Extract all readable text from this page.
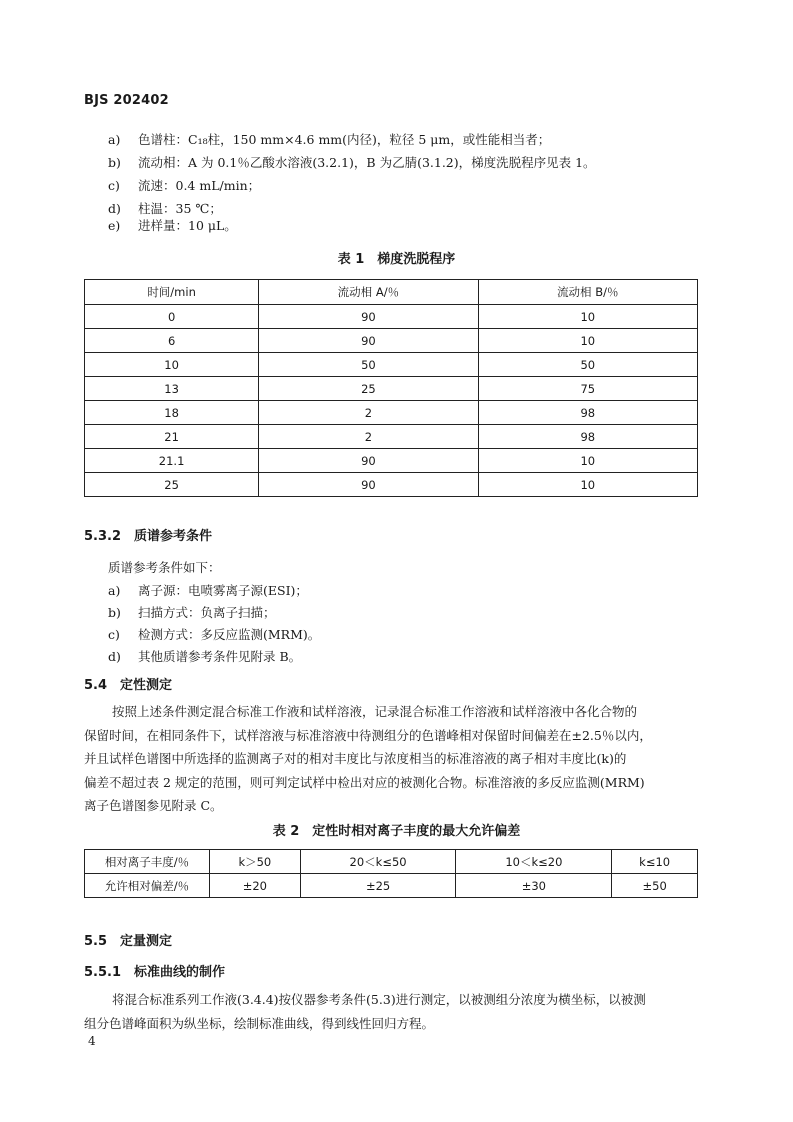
BJS 202402
a) 色谱柱：C₁₈柱，150 mm×4.6 mm(内径)，粒径 5 μm，或性能相当者；
b) 流动相：A 为 0.1％乙酸水溶液(3.2.1)，B 为乙腈(3.1.2)，梯度洗脱程序见表 1。
c) 流速：0.4 mL/min；
d) 柱温：35 ℃；
e) 进样量：10 μL。
表 1　梯度洗脱程序
时间/min	流动相 A/％	流动相 B/％
0	90	10
6	90	10
10	50	50
13	25	75
18	2	98
21	2	98
21.1	90	10
25	90	10
5.3.2　质谱参考条件
质谱参考条件如下：
a) 离子源：电喷雾离子源(ESI)；
b) 扫描方式：负离子扫描；
c) 检测方式：多反应监测(MRM)。
d) 其他质谱参考条件见附录 B。
5.4　定性测定
按照上述条件测定混合标准工作液和试样溶液，记录混合标准工作溶液和试样溶液中各化合物的
保留时间，在相同条件下，试样溶液与标准溶液中待测组分的色谱峰相对保留时间偏差在±2.5％以内，
并且试样色谱图中所选择的监测离子对的相对丰度比与浓度相当的标准溶液的离子相对丰度比(k)的
偏差不超过表 2 规定的范围，则可判定试样中检出对应的被测化合物。标准溶液的多反应监测(MRM)
离子色谱图参见附录 C。
表 2　定性时相对离子丰度的最大允许偏差
相对离子丰度/％	k＞50	20＜k≤50	10＜k≤20	k≤10
允许相对偏差/％	±20	±25	±30	±50
5.5　定量测定
5.5.1　标准曲线的制作
将混合标准系列工作液(3.4.4)按仪器参考条件(5.3)进行测定，以被测组分浓度为横坐标，以被测
组分色谱峰面积为纵坐标，绘制标准曲线，得到线性回归方程。
4
